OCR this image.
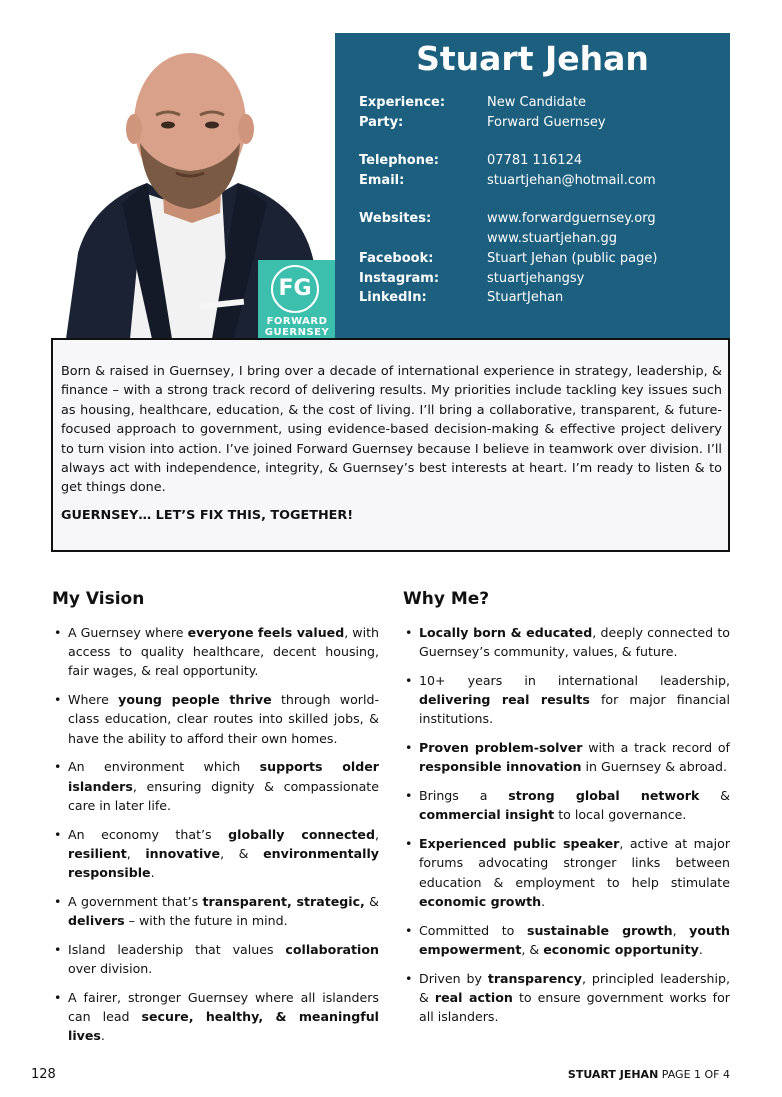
FG
FORWARD
GUERNSEY
Stuart Jehan
Experience:	New Candidate
Party:	Forward Guernsey
Telephone:	07781 116124
Email:	stuartjehan@hotmail.com
Websites:	www.forwardguernsey.org
www.stuartjehan.gg
Facebook:	Stuart Jehan (public page)
Instagram:	stuartjehangsy
LinkedIn:	StuartJehan

Born & raised in Guernsey, I bring over a decade of international experience in strategy, leadership, & finance – with a strong track record of delivering results. My priorities include tackling key issues such as housing, healthcare, education, & the cost of living. I’ll bring a collaborative, transparent, & future-focused approach to government, using evidence-based decision-making & effective project delivery to turn vision into action. I’ve joined Forward Guernsey because I believe in teamwork over division. I’ll always act with independence, integrity, & Guernsey’s best interests at heart. I’m ready to listen & to get things done.

GUERNSEY… LET’S FIX THIS, TOGETHER!

My Vision
• A Guernsey where everyone feels valued, with access to quality healthcare, decent housing, fair wages, & real opportunity.
• Where young people thrive through world-class education, clear routes into skilled jobs, & have the ability to afford their own homes.
• An environment which supports older islanders, ensuring dignity & compassionate care in later life.
• An economy that’s globally connected, resilient, innovative, & environmentally responsible.
• A government that’s transparent, strategic, & delivers – with the future in mind.
• Island leadership that values collaboration over division.
• A fairer, stronger Guernsey where all islanders can lead secure, healthy, & meaningful lives.
Why Me?
• Locally born & educated, deeply connected to Guernsey’s community, values, & future.
• 10+ years in international leadership, delivering real results for major financial institutions.
• Proven problem-solver with a track record of responsible innovation in Guernsey & abroad.
• Brings a strong global network & commercial insight to local governance.
• Experienced public speaker, active at major forums advocating stronger links between education & employment to help stimulate economic growth.
• Committed to sustainable growth, youth empowerment, & economic opportunity.
• Driven by transparency, principled leadership, & real action to ensure government works for all islanders.
128	STUART JEHAN PAGE 1 OF 4
